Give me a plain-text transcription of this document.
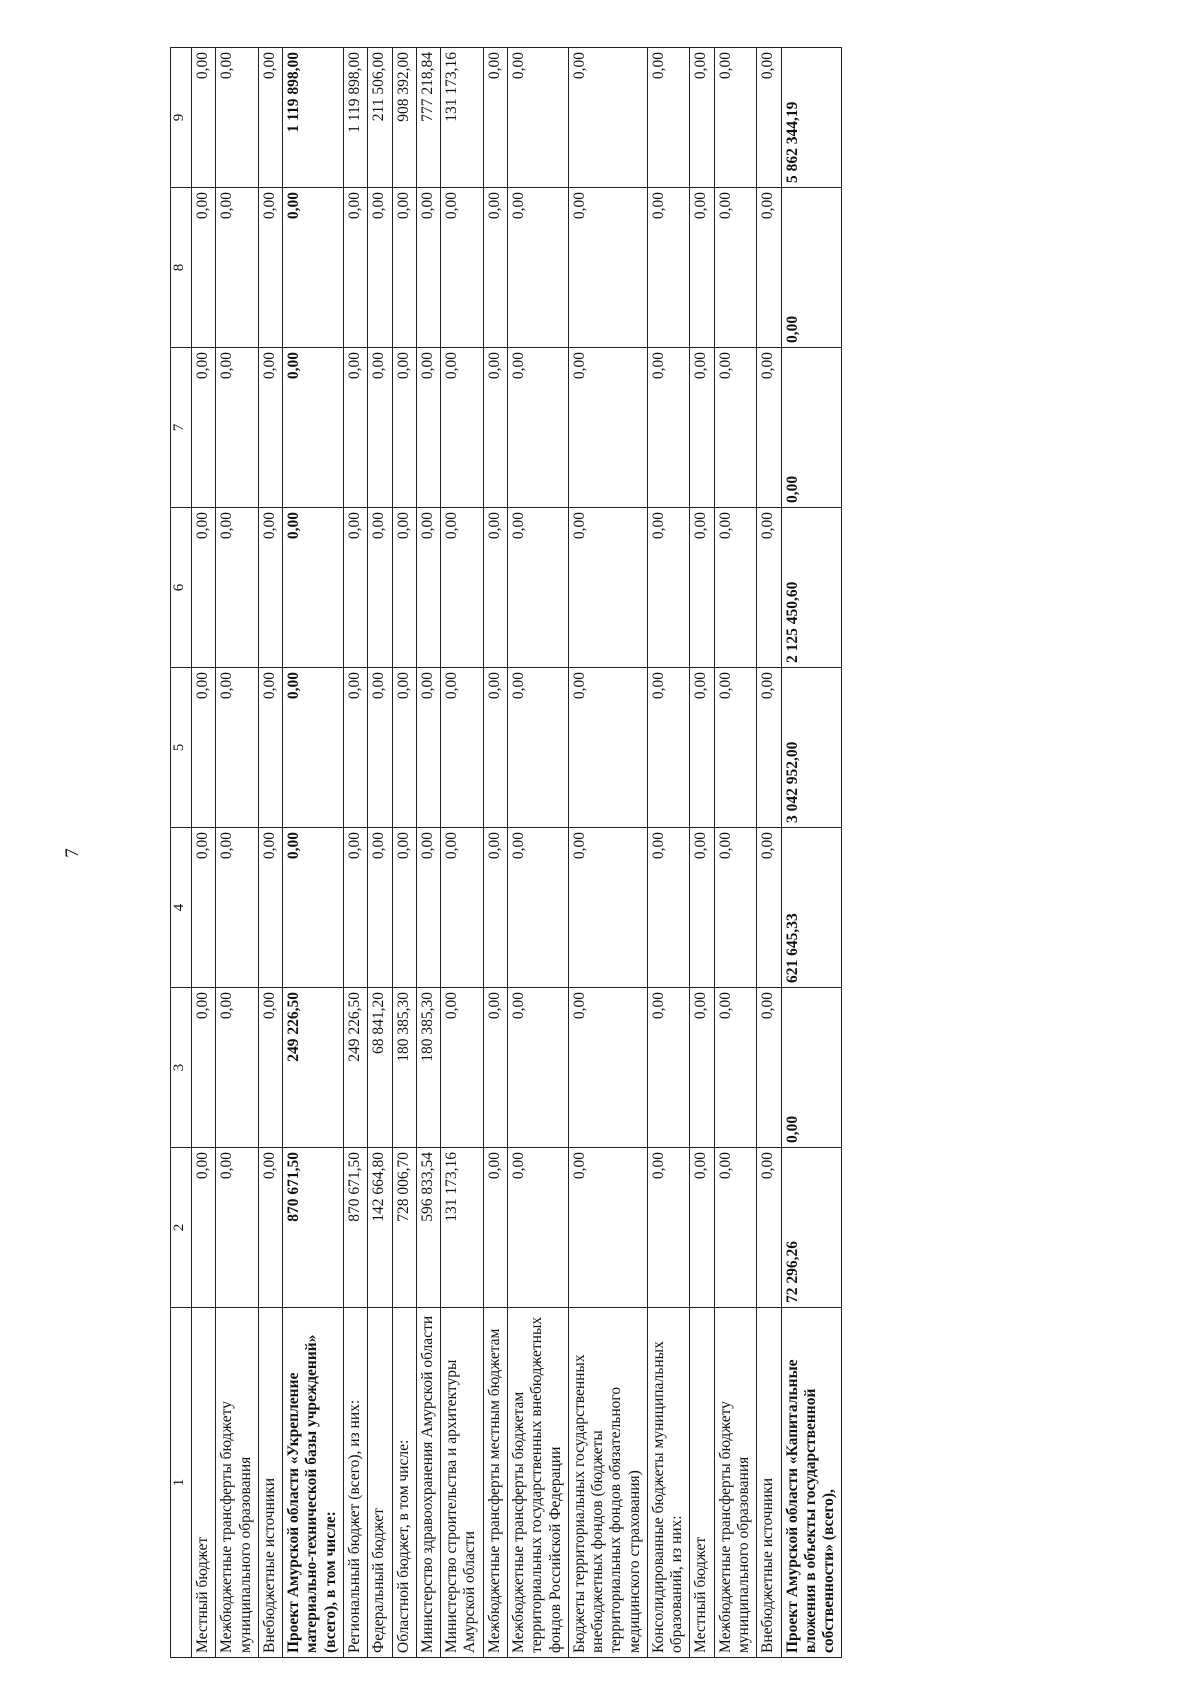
7
1	2	3	4	5	6	7	8	9
Местный бюджет	0,00	0,00	0,00	0,00	0,00	0,00	0,00	0,00
Межбюджетные трансферты бюджету муниципального образования	0,00	0,00	0,00	0,00	0,00	0,00	0,00	0,00
Внебюджетные источники	0,00	0,00	0,00	0,00	0,00	0,00	0,00	0,00
Проект Амурской области «Укрепление материально-технической базы учреждений» (всего), в том числе:	870 671,50	249 226,50	0,00	0,00	0,00	0,00	0,00	1 119 898,00
Региональный бюджет (всего), из них:	870 671,50	249 226,50	0,00	0,00	0,00	0,00	0,00	1 119 898,00
Федеральный бюджет	142 664,80	68 841,20	0,00	0,00	0,00	0,00	0,00	211 506,00
Областной бюджет, в том числе:	728 006,70	180 385,30	0,00	0,00	0,00	0,00	0,00	908 392,00
Министерство здравоохранения Амурской области	596 833,54	180 385,30	0,00	0,00	0,00	0,00	0,00	777 218,84
Министерство строительства и архитектуры Амурской области	131 173,16	0,00	0,00	0,00	0,00	0,00	0,00	131 173,16
Межбюджетные трансферты местным бюджетам	0,00	0,00	0,00	0,00	0,00	0,00	0,00	0,00
Межбюджетные трансферты бюджетам территориальных государственных внебюджетных фондов Российской Федерации	0,00	0,00	0,00	0,00	0,00	0,00	0,00	0,00
Бюджеты территориальных государственных внебюджетных фондов (бюджеты территориальных фондов обязательного медицинского страхования)	0,00	0,00	0,00	0,00	0,00	0,00	0,00	0,00
Консолидированные бюджеты муниципальных образований, из них:	0,00	0,00	0,00	0,00	0,00	0,00	0,00	0,00
Местный бюджет	0,00	0,00	0,00	0,00	0,00	0,00	0,00	0,00
Межбюджетные трансферты бюджету муниципального образования	0,00	0,00	0,00	0,00	0,00	0,00	0,00	0,00
Внебюджетные источники	0,00	0,00	0,00	0,00	0,00	0,00	0,00	0,00
Проект Амурской области «Капитальные вложения в объекты государственной собственности» (всего),	72 296,26	0,00	621 645,33	3 042 952,00	2 125 450,60	0,00	0,00	5 862 344,19
